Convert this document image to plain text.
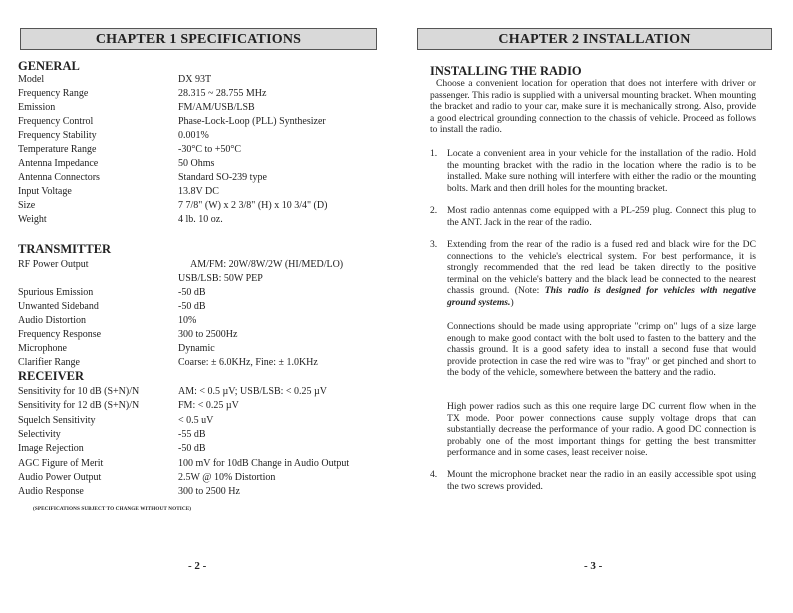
CHAPTER 1 SPECIFICATIONS
GENERAL
Model	DX 93T
Frequency Range	28.315 ~ 28.755 MHz
Emission	FM/AM/USB/LSB
Frequency Control	Phase-Lock-Loop (PLL) Synthesizer
Frequency Stability	0.001%
Temperature Range	-30°C to +50°C
Antenna Impedance	50 Ohms
Antenna Connectors	Standard SO-239 type
Input Voltage	13.8V DC
Size	7 7/8" (W) x 2 3/8" (H) x 10 3/4" (D)
Weight	4 lb. 10 oz.
TRANSMITTER
RF Power Output	AM/FM: 20W/8W/2W (HI/MED/LO)
USB/LSB: 50W PEP
Spurious Emission	-50 dB
Unwanted Sideband	-50 dB
Audio Distortion	10%
Frequency Response	300 to 2500Hz
Microphone	Dynamic
Clarifier Range	Coarse: ± 6.0KHz, Fine: ± 1.0KHz
RECEIVER
Sensitivity for 10 dB (S+N)/N	AM: < 0.5 µV; USB/LSB: < 0.25 µV
Sensitivity for 12 dB (S+N)/N	FM: < 0.25 µV
Squelch Sensitivity	< 0.5 uV
Selectivity	-55 dB
Image Rejection	-50 dB
AGC Figure of Merit	100 mV for 10dB Change in Audio Output
Audio Power Output	2.5W @ 10% Distortion
Audio Response	300 to 2500 Hz
(SPECIFICATIONS SUBJECT TO CHANGE WITHOUT NOTICE)
- 2 -
CHAPTER 2 INSTALLATION
INSTALLING THE RADIO
Choose a convenient location for operation that does not interfere with driver or passenger. This radio is supplied with a universal mounting bracket. When mounting the bracket and radio to your car, make sure it is mechanically strong. Also, provide a good electrical grounding connection to the chassis of vehicle. Proceed as follows to install the radio.
1. Locate a convenient area in your vehicle for the installation of the radio. Hold the mounting bracket with the radio in the location where the radio is to be installed. Make sure nothing will interfere with either the radio or the mounting bolts. Mark and then drill holes for the mounting bracket.
2. Most radio antennas come equipped with a PL-259 plug. Connect this plug to the ANT. Jack in the rear of the radio.
3. Extending from the rear of the radio is a fused red and black wire for the DC connections to the vehicle's electrical system. For best performance, it is strongly recommended that the red lead be taken directly to the positive terminal on the vehicle's battery and the black lead be connected to the nearest chassis ground. (Note: This radio is designed for vehicles with negative ground systems.)
Connections should be made using appropriate "crimp on" lugs of a size large enough to make good contact with the bolt used to fasten to the battery and the chassis ground. It is a good safety idea to install a second fuse that would provide protection in case the red wire was to "fray" or get pinched and short to the body of the vehicle, somewhere between the battery and the radio.
High power radios such as this one require large DC current flow when in the TX mode. Poor power connections cause supply voltage drops that can substantially decrease the performance of your radio. A good DC connection is probably one of the most important things for getting the best transmitter performance and in some cases, least receiver noise.
4. Mount the microphone bracket near the radio in an easily accessible spot using the two screws provided.
- 3 -
